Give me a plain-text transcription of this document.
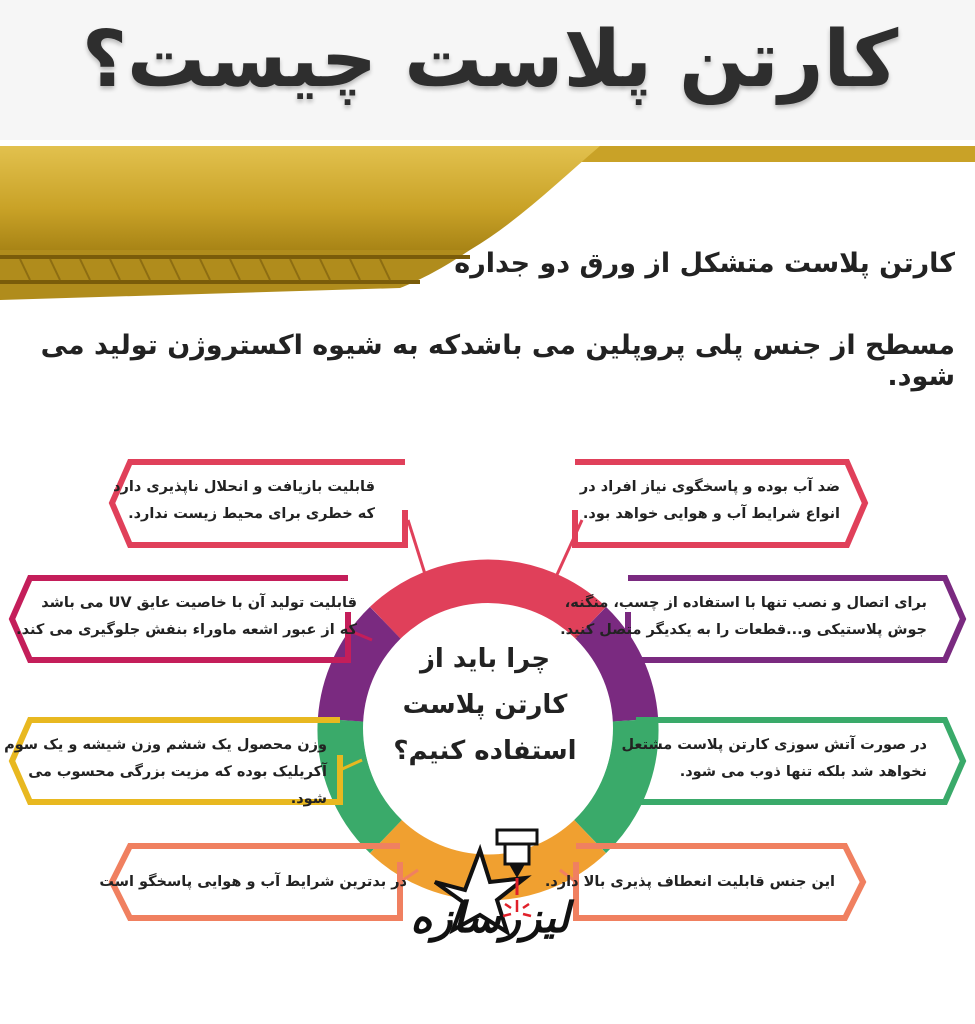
کارتن پلاست چیست؟
کارتن پلاست متشکل از ورق دو جداره
مسطح از جنس پلی پروپلین می باشدکه به شیوه اکستروژن تولید می شود.
قابلیت بازیافت و انحلال ناپذیری دارد
که خطری برای محیط زیست ندارد.
قابلیت تولید آن با خاصیت عایق UV می باشد
که از عبور اشعه ماوراء بنفش جلوگیری می کند.
وزن محصول یک ششم وزن شیشه و یک سوم
آکریلیک بوده که مزیت بزرگی محسوب می شود.
در بدترین شرایط آب و هوایی پاسخگو است
ضد آب بوده و پاسخگوی نیاز افراد در
انواع شرایط آب و هوایی خواهد بود.
برای اتصال و نصب تنها با استفاده از چسب، منگنه،
جوش پلاستیکی و...قطعات را به یکدیگر متصل کنید.
در صورت آتش سوزی کارتن پلاست مشتعل
نخواهد شد بلکه تنها ذوب می شود.
این جنس قابلیت انعطاف پذیری بالا دارد.
چرا باید از
کارتن پلاست
استفاده کنیم؟
لیزرسازه
